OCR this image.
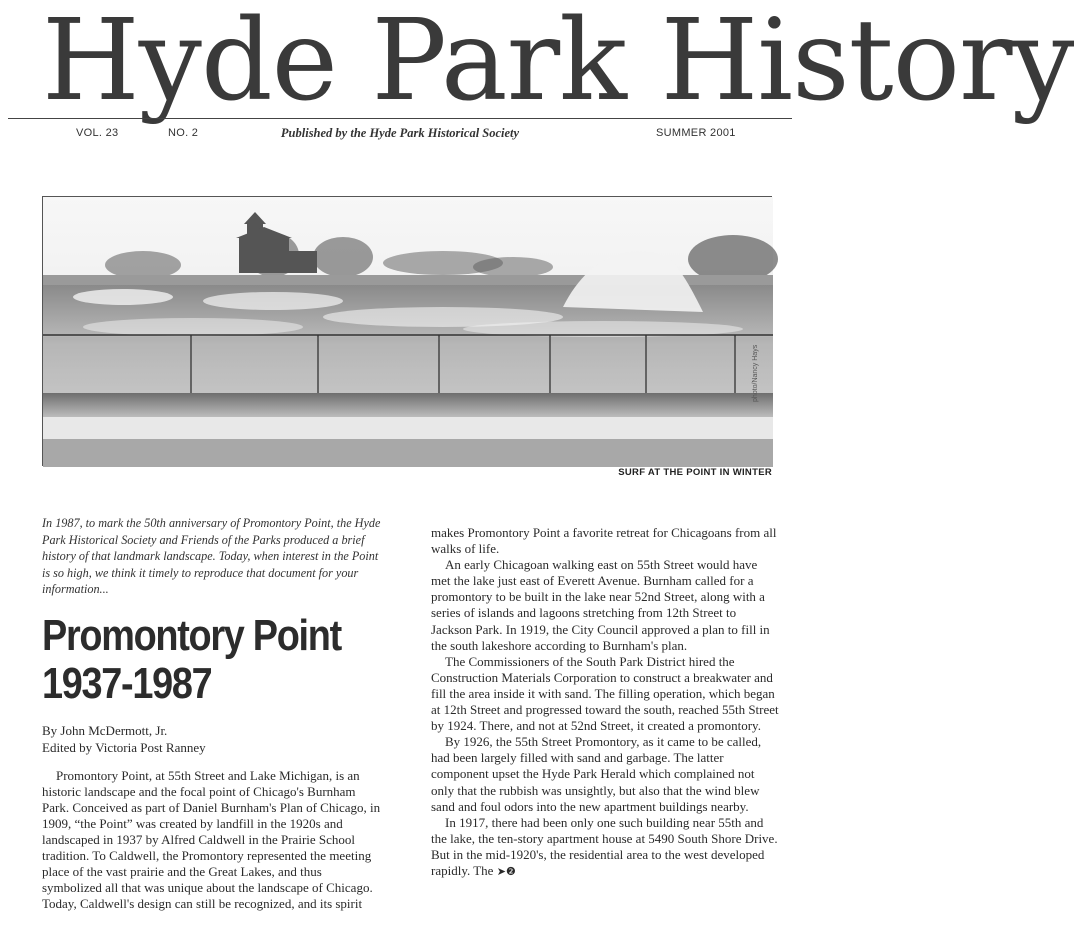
Hyde Park History
VOL. 23	NO. 2	Published by the Hyde Park Historical Society	SUMMER 2001
photo/Nancy Hays
SURF AT THE POINT IN WINTER

In 1987, to mark the 50th anniversary of Promontory Point, the Hyde Park Historical Society and Friends of the Parks produced a brief history of that landmark landscape. Today, when interest in the Point is so high, we think it timely to reproduce that document for your information...

Promontory Point
1937-1987
By John McDermott, Jr.
Edited by Victoria Post Ranney

Promontory Point, at 55th Street and Lake Michigan, is an historic landscape and the focal point of Chicago's Burnham Park. Conceived as part of Daniel Burnham's Plan of Chicago, in 1909, “the Point” was created by landfill in the 1920s and landscaped in 1937 by Alfred Caldwell in the Prairie School tradition. To Caldwell, the Promontory represented the meeting place of the vast prairie and the Great Lakes, and thus symbolized all that was unique about the landscape of Chicago. Today, Caldwell's design can still be recognized, and its spirit

makes Promontory Point a favorite retreat for Chicagoans from all walks of life.

An early Chicagoan walking east on 55th Street would have met the lake just east of Everett Avenue. Burnham called for a promontory to be built in the lake near 52nd Street, along with a series of islands and lagoons stretching from 12th Street to Jackson Park. In 1919, the City Council approved a plan to fill in the south lakeshore according to Burnham's plan.

The Commissioners of the South Park District hired the Construction Materials Corporation to construct a breakwater and fill the area inside it with sand. The filling operation, which began at 12th Street and progressed toward the south, reached 55th Street by 1924. There, and not at 52nd Street, it created a promontory.

By 1926, the 55th Street Promontory, as it came to be called, had been largely filled with sand and garbage. The latter component upset the Hyde Park Herald which complained not only that the rubbish was unsightly, but also that the wind blew sand and foul odors into the new apartment buildings nearby.

In 1917, there had been only one such building near 55th and the lake, the ten-story apartment house at 5490 South Shore Drive. But in the mid-1920's, the residential area to the west developed rapidly. The ➤❷
